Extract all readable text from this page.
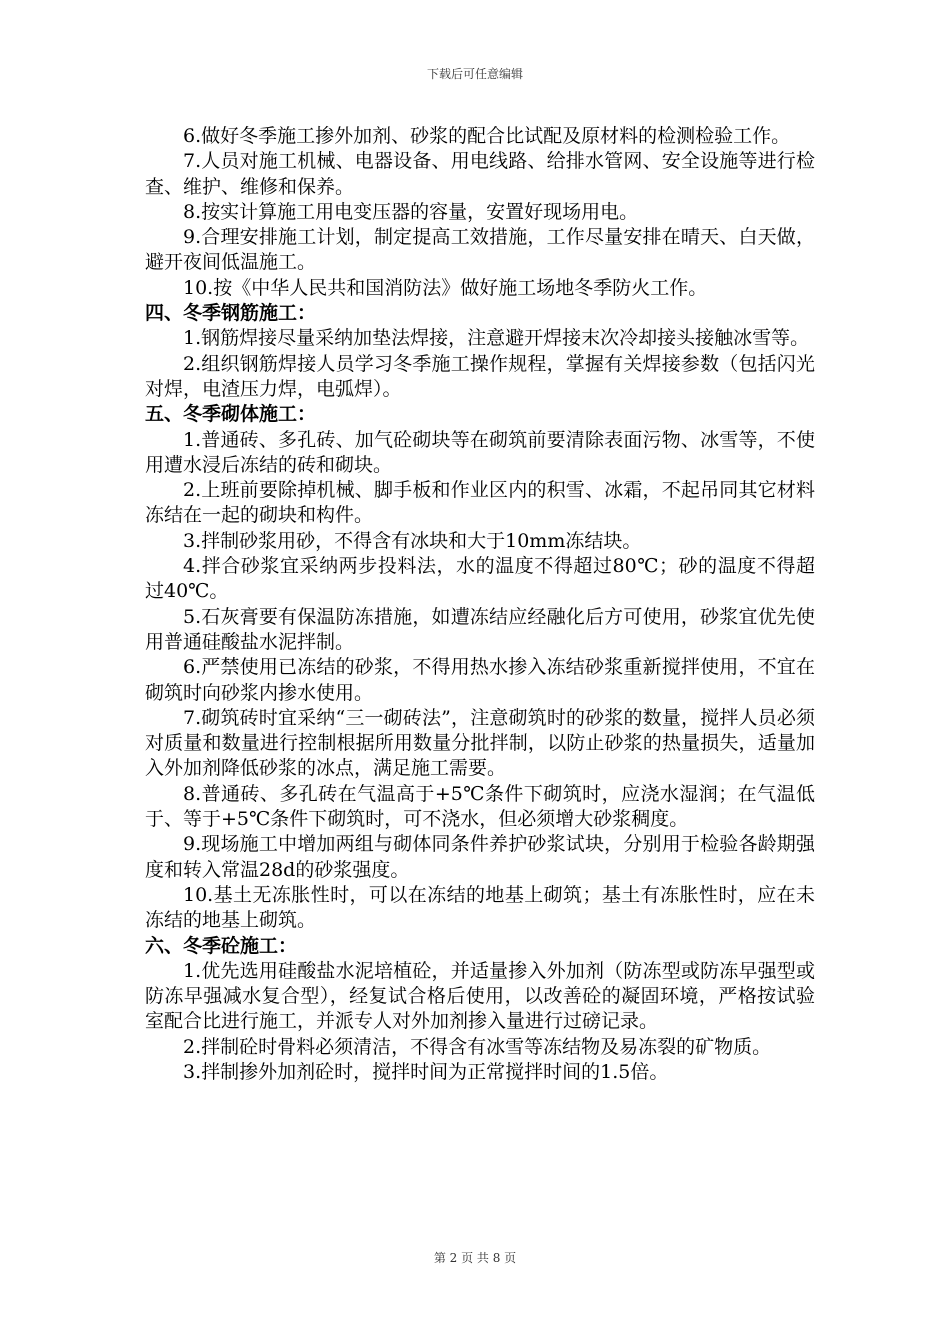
下载后可任意编辑

6.做好冬季施工掺外加剂、砂浆的配合比试配及原材料的检测检验工作。

7.人员对施工机械、电器设备、用电线路、给排水管网、安全设施等进行检查、维护、维修和保养。

8.按实计算施工用电变压器的容量，安置好现场用电。

9.合理安排施工计划，制定提高工效措施，工作尽量安排在晴天、白天做，避开夜间低温施工。

10.按《中华人民共和国消防法》做好施工场地冬季防火工作。

四、冬季钢筋施工：

1.钢筋焊接尽量采纳加垫法焊接，注意避开焊接末次冷却接头接触冰雪等。

2.组织钢筋焊接人员学习冬季施工操作规程，掌握有关焊接参数（包括闪光对焊，电渣压力焊，电弧焊）。

五、冬季砌体施工：

1.普通砖、多孔砖、加气砼砌块等在砌筑前要清除表面污物、冰雪等，不使用遭水浸后冻结的砖和砌块。

2.上班前要除掉机械、脚手板和作业区内的积雪、冰霜，不起吊同其它材料冻结在一起的砌块和构件。

3.拌制砂浆用砂，不得含有冰块和大于10mm冻结块。

4.拌合砂浆宜采纳两步投料法，水的温度不得超过80℃；砂的温度不得超过40℃。

5.石灰膏要有保温防冻措施，如遭冻结应经融化后方可使用，砂浆宜优先使用普通硅酸盐水泥拌制。

6.严禁使用已冻结的砂浆，不得用热水掺入冻结砂浆重新搅拌使用，不宜在砌筑时向砂浆内掺水使用。

7.砌筑砖时宜采纳“三一砌砖法”，注意砌筑时的砂浆的数量，搅拌人员必须对质量和数量进行控制根据所用数量分批拌制，以防止砂浆的热量损失，适量加入外加剂降低砂浆的冰点，满足施工需要。

8.普通砖、多孔砖在气温高于+5℃条件下砌筑时，应浇水湿润；在气温低于、等于+5℃条件下砌筑时，可不浇水，但必须增大砂浆稠度。

9.现场施工中增加两组与砌体同条件养护砂浆试块，分别用于检验各龄期强度和转入常温28d的砂浆强度。

10.基土无冻胀性时，可以在冻结的地基上砌筑；基土有冻胀性时，应在未冻结的地基上砌筑。

六、冬季砼施工：

1.优先选用硅酸盐水泥培植砼，并适量掺入外加剂（防冻型或防冻早强型或防冻早强减水复合型），经复试合格后使用，以改善砼的凝固环境，严格按试验室配合比进行施工，并派专人对外加剂掺入量进行过磅记录。

2.拌制砼时骨料必须清洁，不得含有冰雪等冻结物及易冻裂的矿物质。

3.拌制掺外加剂砼时，搅拌时间为正常搅拌时间的1.5倍。

第 2 页 共 8 页
